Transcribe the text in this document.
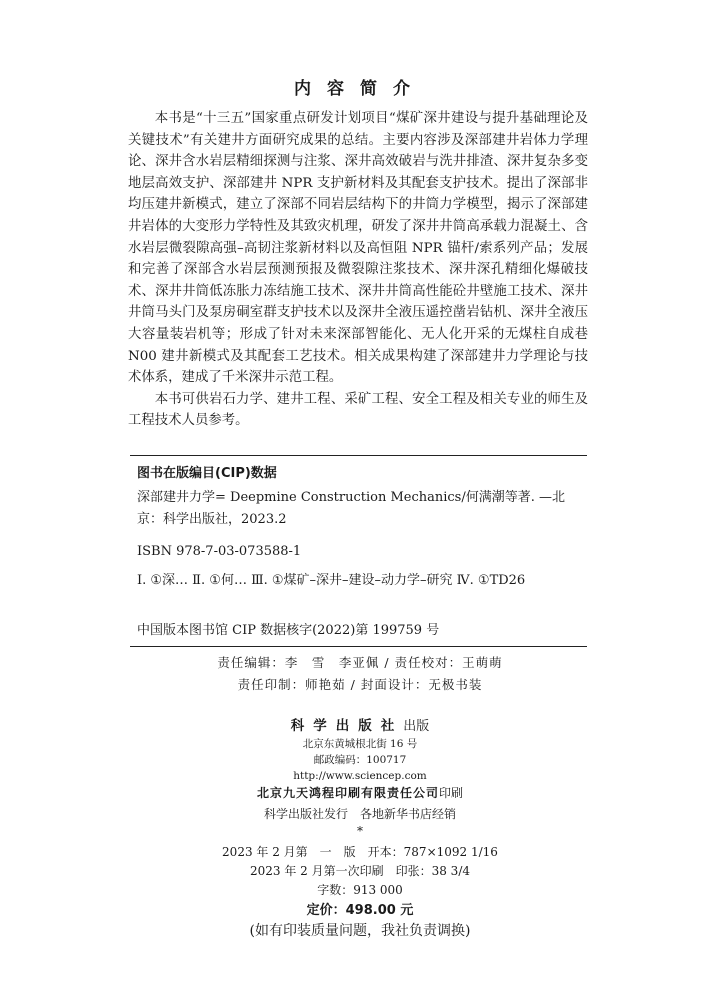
内容简介

本书是“十三五”国家重点研发计划项目“煤矿深井建设与提升基础理论及关键技术”有关建井方面研究成果的总结。主要内容涉及深部建井岩体力学理论、深井含水岩层精细探测与注浆、深井高效破岩与洗井排渣、深井复杂多变地层高效支护、深部建井 NPR 支护新材料及其配套支护技术。提出了深部非均压建井新模式，建立了深部不同岩层结构下的井筒力学模型，揭示了深部建井岩体的大变形力学特性及其致灾机理，研发了深井井筒高承载力混凝土、含水岩层微裂隙高强–高韧注浆新材料以及高恒阻 NPR 锚杆/索系列产品；发展和完善了深部含水岩层预测预报及微裂隙注浆技术、深井深孔精细化爆破技术、深井井筒低冻胀力冻结施工技术、深井井筒高性能砼井壁施工技术、深井井筒马头门及泵房硐室群支护技术以及深井全液压遥控凿岩钻机、深井全液压大容量装岩机等；形成了针对未来深部智能化、无人化开采的无煤柱自成巷 N00 建井新模式及其配套工艺技术。相关成果构建了深部建井力学理论与技术体系，建成了千米深井示范工程。

本书可供岩石力学、建井工程、采矿工程、安全工程及相关专业的师生及工程技术人员参考。

图书在版编目(CIP)数据

深部建井力学= Deepmine Construction Mechanics/何满潮等著. —北京：科学出版社，2023.2

ISBN 978-7-03-073588-1

Ⅰ. ①深… Ⅱ. ①何… Ⅲ. ①煤矿–深井–建设–动力学–研究 Ⅳ. ①TD26

中国版本图书馆 CIP 数据核字(2022)第 199759 号

责任编辑：李　雪　李亚佩 / 责任校对：王萌萌
责任印制：师艳茹 / 封面设计：无极书装
科学出版社出版
北京东黄城根北街 16 号
邮政编码：100717
http://www.sciencep.com
北京九天鸿程印刷有限责任公司印刷
科学出版社发行　各地新华书店经销
*
2023 年 2 月第　一　版　开本：787×1092 1/16
2023 年 2 月第一次印刷　印张：38 3/4
字数：913 000
定价：498.00 元
(如有印装质量问题，我社负责调换)
